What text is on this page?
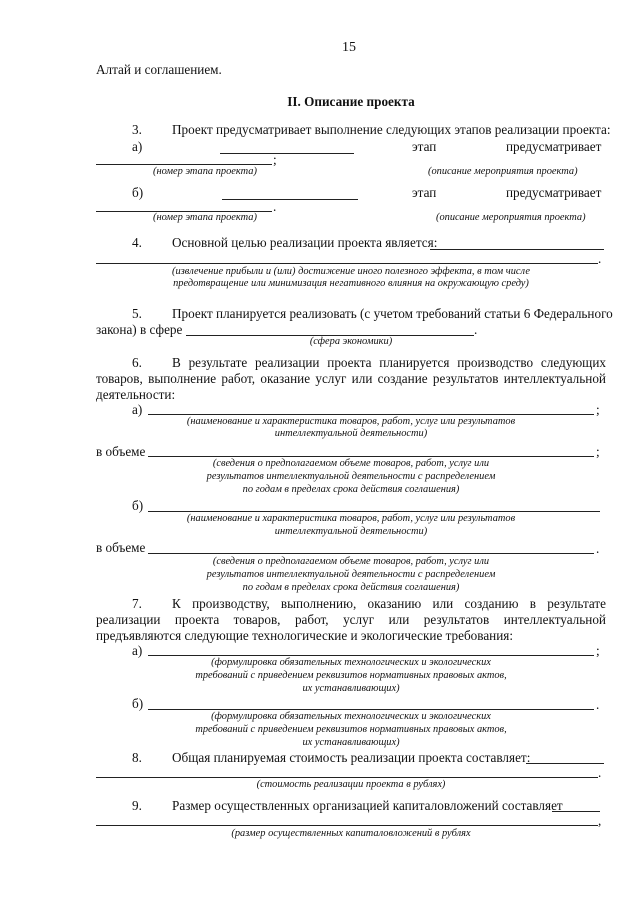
15
Алтай и соглашением.
II. Описание проекта
3. Проект предусматривает выполнение следующих этапов реализации проекта:
а)	этап	предусматривает
;
(номер этапа проекта)	(описание мероприятия проекта)
б)	этап	предусматривает
.
(номер этапа проекта)	(описание мероприятия проекта)
4. Основной целью реализации проекта является:
.
(извлечение прибыли и (или) достижение иного полезного эффекта, в том числе
предотвращение или минимизация негативного влияния на окружающую среду)
5. Проект планируется реализовать (с учетом требований статьи 6 Федерального
закона) в сфере	.
(сфера экономики)
6. В результате реализации проекта планируется производство следующих
товаров, выполнение работ, оказание услуг или создание результатов интеллектуальной
деятельности:
а)	;
(наименование и характеристика товаров, работ, услуг или результатов
интеллектуальной деятельности)
в объеме	;
(сведения о предполагаемом объеме товаров, работ, услуг или
результатов интеллектуальной деятельности с распределением
по годам в пределах срока действия соглашения)
б)
(наименование и характеристика товаров, работ, услуг или результатов
интеллектуальной деятельности)
в объеме	.
(сведения о предполагаемом объеме товаров, работ, услуг или
результатов интеллектуальной деятельности с распределением
по годам в пределах срока действия соглашения)
7. К производству, выполнению, оказанию или созданию в результате
реализации проекта товаров, работ, услуг или результатов интеллектуальной
предъявляются следующие технологические и экологические требования:
а)	;
(формулировка обязательных технологических и экологических
требований с приведением реквизитов нормативных правовых актов,
их устанавливающих)
б)	.
(формулировка обязательных технологических и экологических
требований с приведением реквизитов нормативных правовых актов,
их устанавливающих)
8. Общая планируемая стоимость реализации проекта составляет:
.
(стоимость реализации проекта в рублях)
9. Размер осуществленных организацией капиталовложений составляет
,
(размер осуществленных капиталовложений в рублях
